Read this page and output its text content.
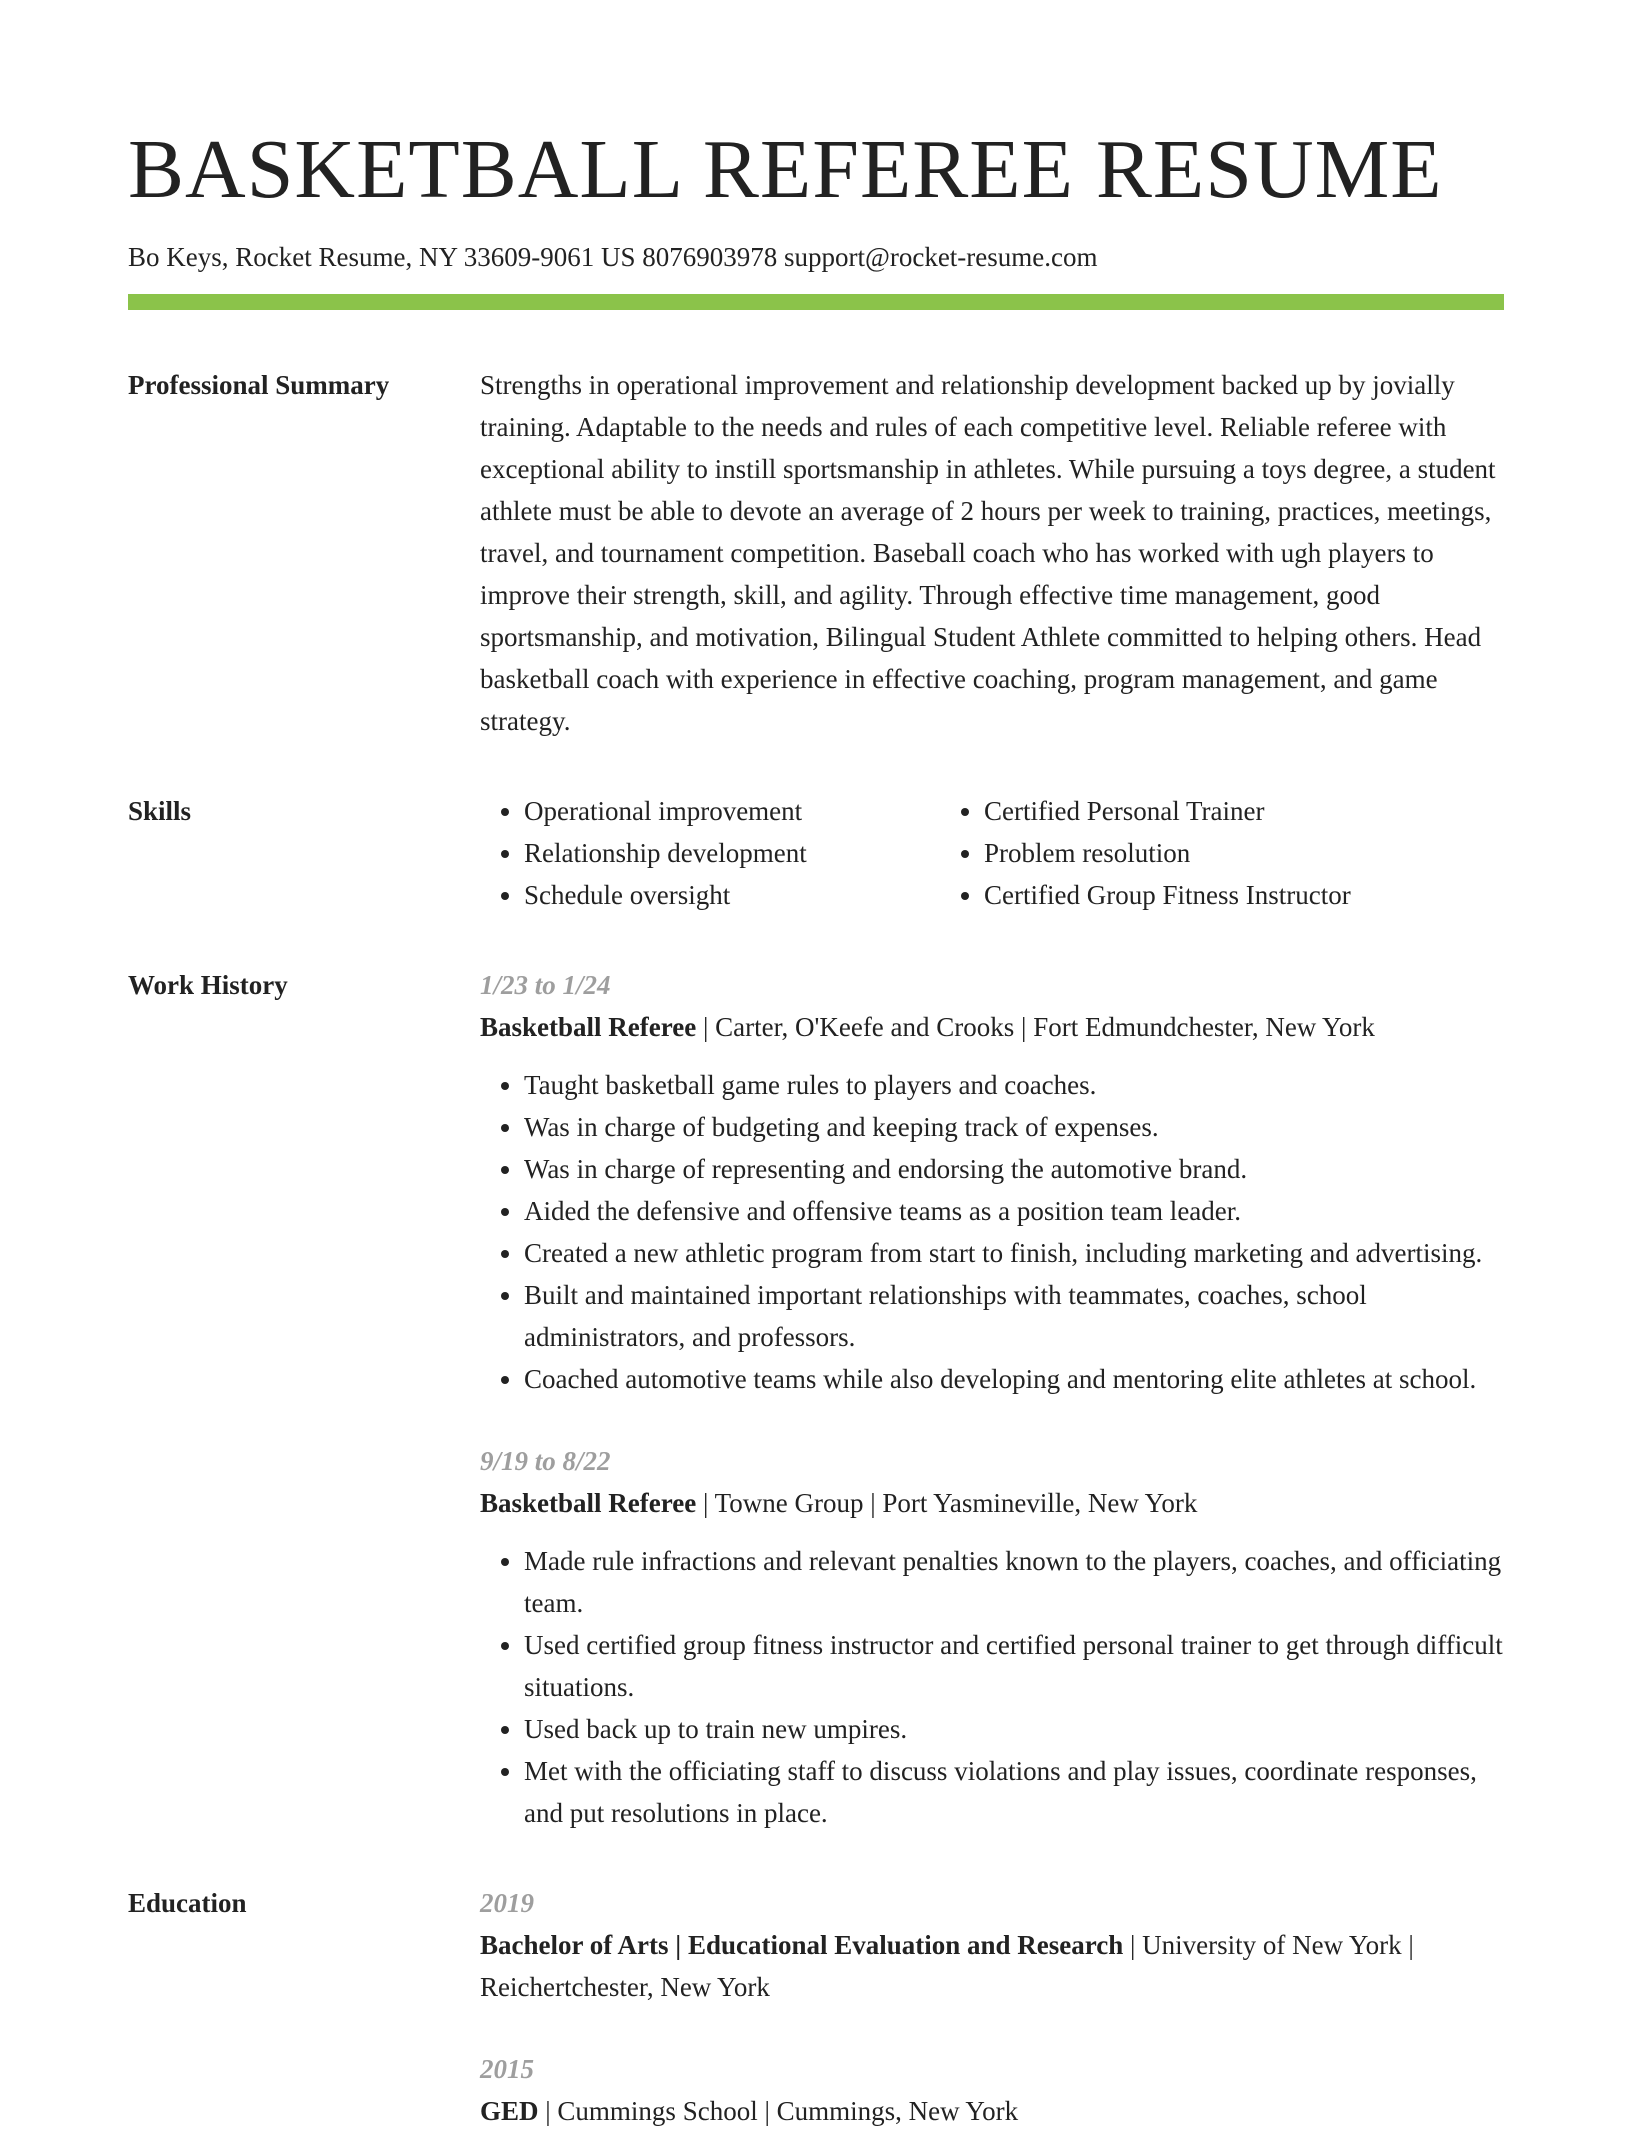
BASKETBALL REFEREE RESUME
Bo Keys, Rocket Resume, NY 33609-9061 US 8076903978 support@rocket-resume.com
Professional Summary	Strengths in operational improvement and relationship development backed up by jovially training. Adaptable to the needs and rules of each competitive level. Reliable referee with exceptional ability to instill sportsmanship in athletes. While pursuing a toys degree, a student athlete must be able to devote an average of 2 hours per week to training, practices, meetings, travel, and tournament competition. Baseball coach who has worked with ugh players to improve their strength, skill, and agility. Through effective time management, good sportsmanship, and motivation, Bilingual Student Athlete committed to helping others. Head basketball coach with experience in effective coaching, program management, and game strategy.

Skills	• Operational improvement
• Relationship development
• Schedule oversight
• Certified Personal Trainer
• Problem resolution
• Certified Group Fitness Instructor
Work History	1/23 to 1/24
Basketball Referee | Carter, O'Keefe and Crooks | Fort Edmundchester, New York
• Taught basketball game rules to players and coaches.
• Was in charge of budgeting and keeping track of expenses.
• Was in charge of representing and endorsing the automotive brand.
• Aided the defensive and offensive teams as a position team leader.
• Created a new athletic program from start to finish, including marketing and advertising.
• Built and maintained important relationships with teammates, coaches, school administrators, and professors.
• Coached automotive teams while also developing and mentoring elite athletes at school.
9/19 to 8/22
Basketball Referee | Towne Group | Port Yasmineville, New York
• Made rule infractions and relevant penalties known to the players, coaches, and officiating team.
• Used certified group fitness instructor and certified personal trainer to get through difficult situations.
• Used back up to train new umpires.
• Met with the officiating staff to discuss violations and play issues, coordinate responses, and put resolutions in place.
Education	2019
Bachelor of Arts | Educational Evaluation and Research | University of New York| Reichertchester, New York
2015
GED | Cummings School | Cummings, New York
